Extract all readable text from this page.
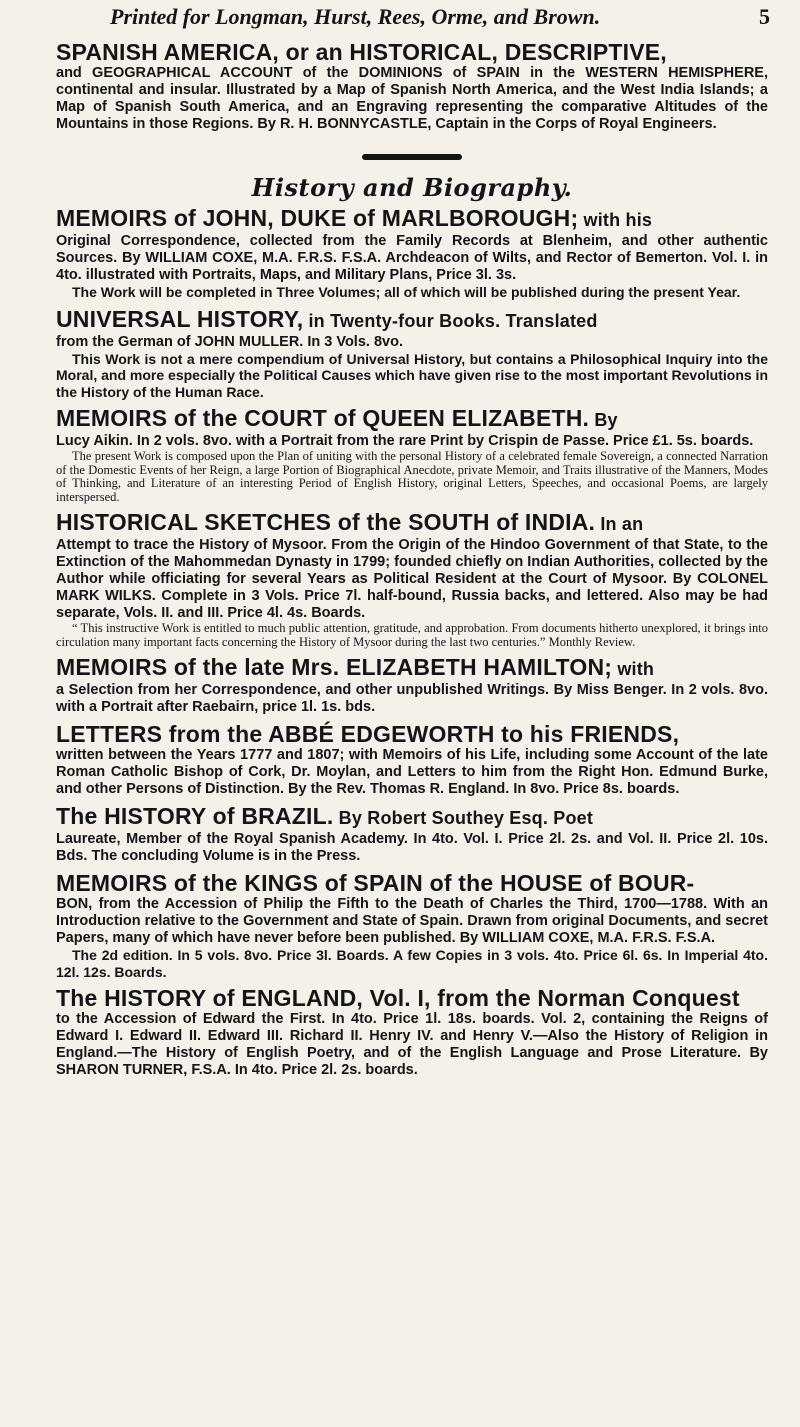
Printed for Longman, Hurst, Rees, Orme, and Brown.	5
SPANISH AMERICA, or an HISTORICAL, DESCRIPTIVE,
and GEOGRAPHICAL ACCOUNT of the DOMINIONS of SPAIN in the WESTERN HEMISPHERE, continental and insular. Illustrated by a Map of Spanish North America, and the West India Islands; a Map of Spanish South America, and an Engraving representing the comparative Altitudes of the Mountains in those Regions. By R. H. BONNYCASTLE, Captain in the Corps of Royal Engineers.
History and Biography.
MEMOIRS of JOHN, DUKE of MARLBOROUGH; with his
Original Correspondence, collected from the Family Records at Blenheim, and other authentic Sources. By WILLIAM COXE, M.A. F.R.S. F.S.A. Archdeacon of Wilts, and Rector of Bemerton. Vol. I. in 4to. illustrated with Portraits, Maps, and Military Plans, Price 3l. 3s.
The Work will be completed in Three Volumes; all of which will be published during the present Year.
UNIVERSAL HISTORY, in Twenty-four Books. Translated
from the German of JOHN MULLER. In 3 Vols. 8vo.
This Work is not a mere compendium of Universal History, but contains a Philosophical Inquiry into the Moral, and more especially the Political Causes which have given rise to the most important Revolutions in the History of the Human Race.
MEMOIRS of the COURT of QUEEN ELIZABETH. By
Lucy Aikin. In 2 vols. 8vo. with a Portrait from the rare Print by Crispin de Passe. Price £1. 5s. boards.
The present Work is composed upon the Plan of uniting with the personal History of a celebrated female Sovereign, a connected Narration of the Domestic Events of her Reign, a large Portion of Biographical Anecdote, private Memoir, and Traits illustrative of the Manners, Modes of Thinking, and Literature of an interesting Period of English History, original Letters, Speeches, and occasional Poems, are largely interspersed.
HISTORICAL SKETCHES of the SOUTH of INDIA. In an
Attempt to trace the History of Mysoor. From the Origin of the Hindoo Government of that State, to the Extinction of the Mahommedan Dynasty in 1799; founded chiefly on Indian Authorities, collected by the Author while officiating for several Years as Political Resident at the Court of Mysoor. By COLONEL MARK WILKS. Complete in 3 Vols. Price 7l. half-bound, Russia backs, and lettered. Also may be had separate, Vols. II. and III. Price 4l. 4s. Boards.
“ This instructive Work is entitled to much public attention, gratitude, and approbation. From documents hitherto unexplored, it brings into circulation many important facts concerning the History of Mysoor during the last two centuries.” Monthly Review.
MEMOIRS of the late Mrs. ELIZABETH HAMILTON; with
a Selection from her Correspondence, and other unpublished Writings. By Miss Benger. In 2 vols. 8vo. with a Portrait after Raebairn, price 1l. 1s. bds.
LETTERS from the ABBÉ EDGEWORTH to his FRIENDS,
written between the Years 1777 and 1807; with Memoirs of his Life, including some Account of the late Roman Catholic Bishop of Cork, Dr. Moylan, and Letters to him from the Right Hon. Edmund Burke, and other Persons of Distinction. By the Rev. Thomas R. England. In 8vo. Price 8s. boards.
The HISTORY of BRAZIL. By Robert Southey Esq. Poet
Laureate, Member of the Royal Spanish Academy. In 4to. Vol. I. Price 2l. 2s. and Vol. II. Price 2l. 10s. Bds. The concluding Volume is in the Press.
MEMOIRS of the KINGS of SPAIN of the HOUSE of BOUR-
BON, from the Accession of Philip the Fifth to the Death of Charles the Third, 1700—1788. With an Introduction relative to the Government and State of Spain. Drawn from original Documents, and secret Papers, many of which have never before been published. By WILLIAM COXE, M.A. F.R.S. F.S.A.
The 2d edition. In 5 vols. 8vo. Price 3l. Boards. A few Copies in 3 vols. 4to. Price 6l. 6s. In Imperial 4to. 12l. 12s. Boards.
The HISTORY of ENGLAND, Vol. I, from the Norman Conquest
to the Accession of Edward the First. In 4to. Price 1l. 18s. boards. Vol. 2, containing the Reigns of Edward I. Edward II. Edward III. Richard II. Henry IV. and Henry V.—Also the History of Religion in England.—The History of English Poetry, and of the English Language and Prose Literature. By SHARON TURNER, F.S.A. In 4to. Price 2l. 2s. boards.
